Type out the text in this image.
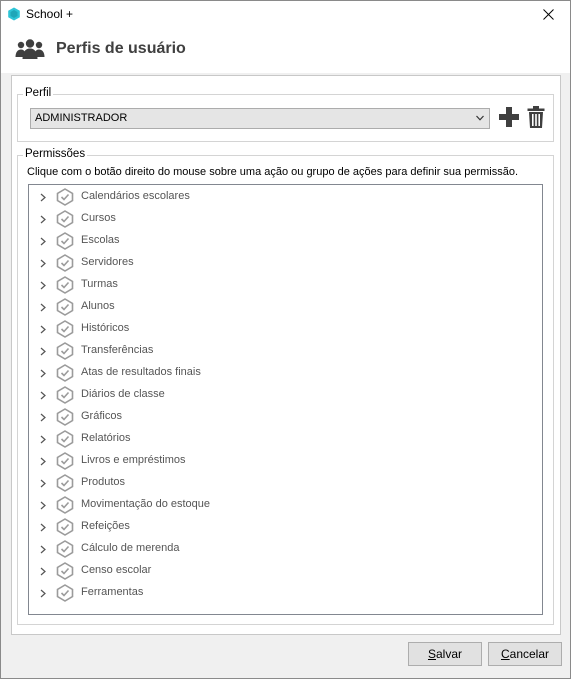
School +
Perfis de usuário
Perfil
ADMINISTRADOR
Permissões
Clique com o botão direito do mouse sobre uma ação ou grupo de ações para definir sua permissão.
Calendários escolares
Cursos
Escolas
Servidores
Turmas
Alunos
Históricos
Transferências
Atas de resultados finais
Diários de classe
Gráficos
Relatórios
Livros e empréstimos
Produtos
Movimentação do estoque
Refeições
Cálculo de merenda
Censo escolar
Ferramentas
S alvar	C ancelar
